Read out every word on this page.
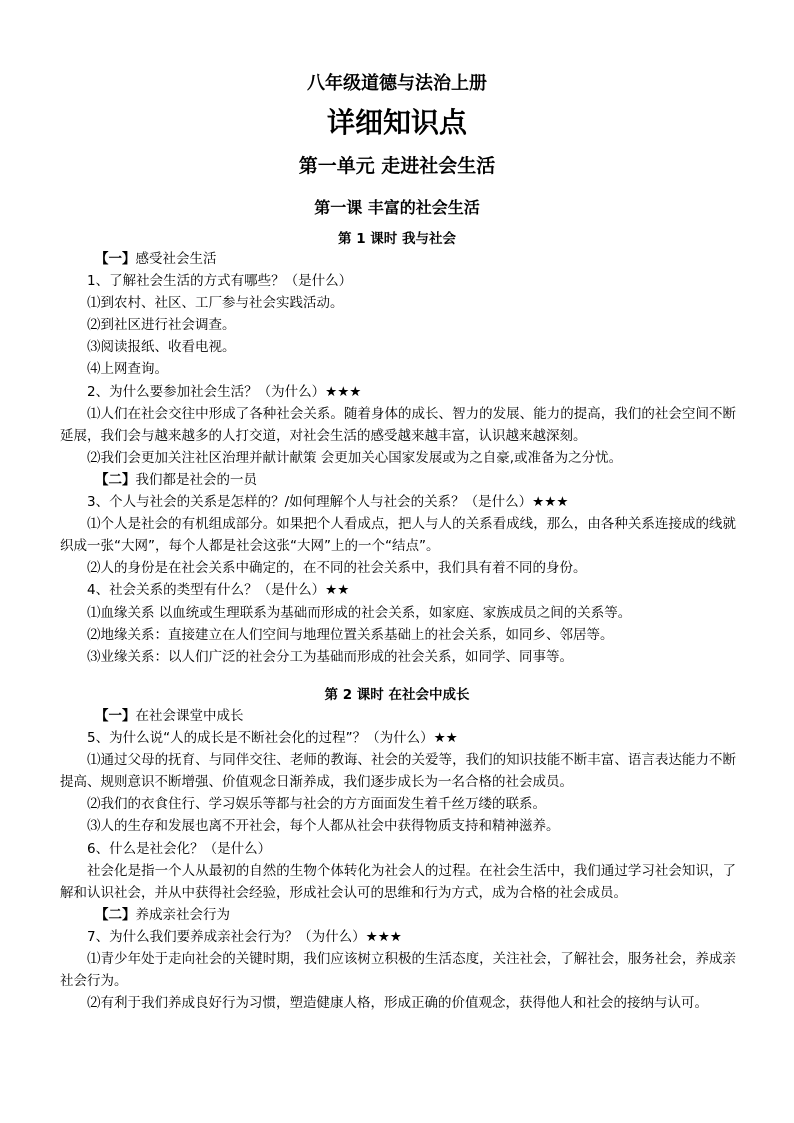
八年级道德与法治上册
详细知识点
第一单元 走进社会生活
第一课 丰富的社会生活
第 1 课时 我与社会

【一】感受社会生活

1、了解社会生活的方式有哪些？（是什么）

⑴到农村、社区、工厂参与社会实践活动。

⑵到社区进行社会调查。

⑶阅读报纸、收看电视。

⑷上网查询。

2、为什么要参加社会生活？（为什么）★★★

⑴人们在社会交往中形成了各种社会关系。随着身体的成长、智力的发展、能力的提高，我们的社会空间不断延展，我们会与越来越多的人打交道，对社会生活的感受越来越丰富，认识越来越深刻。

⑵我们会更加关注社区治理并献计献策 会更加关心国家发展或为之自豪,或准备为之分忧。

【二】我们都是社会的一员

3、个人与社会的关系是怎样的？/如何理解个人与社会的关系？（是什么）★★★

⑴个人是社会的有机组成部分。如果把个人看成点，把人与人的关系看成线，那么，由各种关系连接成的线就织成一张“大网”，每个人都是社会这张“大网”上的一个“结点”。

⑵人的身份是在社会关系中确定的，在不同的社会关系中，我们具有着不同的身份。

4、社会关系的类型有什么？（是什么）★★

⑴血缘关系 以血统或生理联系为基础而形成的社会关系，如家庭、家族成员之间的关系等。

⑵地缘关系：直接建立在人们空间与地理位置关系基础上的社会关系，如同乡、邻居等。

⑶业缘关系：以人们广泛的社会分工为基础而形成的社会关系，如同学、同事等。

第 2 课时 在社会中成长

【一】在社会课堂中成长

5、为什么说“人的成长是不断社会化的过程”？（为什么）★★

⑴通过父母的抚育、与同伴交往、老师的教诲、社会的关爱等，我们的知识技能不断丰富、语言表达能力不断提高、规则意识不断增强、价值观念日渐养成，我们逐步成长为一名合格的社会成员。

⑵我们的衣食住行、学习娱乐等都与社会的方方面面发生着千丝万缕的联系。

⑶人的生存和发展也离不开社会，每个人都从社会中获得物质支持和精神滋养。

6、什么是社会化？（是什么）

社会化是指一个人从最初的自然的生物个体转化为社会人的过程。在社会生活中，我们通过学习社会知识，了解和认识社会，并从中获得社会经验，形成社会认可的思维和行为方式，成为合格的社会成员。

【二】养成亲社会行为

7、为什么我们要养成亲社会行为？（为什么）★★★

⑴青少年处于走向社会的关键时期，我们应该树立积极的生活态度，关注社会，了解社会，服务社会，养成亲社会行为。

⑵有利于我们养成良好行为习惯，塑造健康人格，形成正确的价值观念，获得他人和社会的接纳与认可。
